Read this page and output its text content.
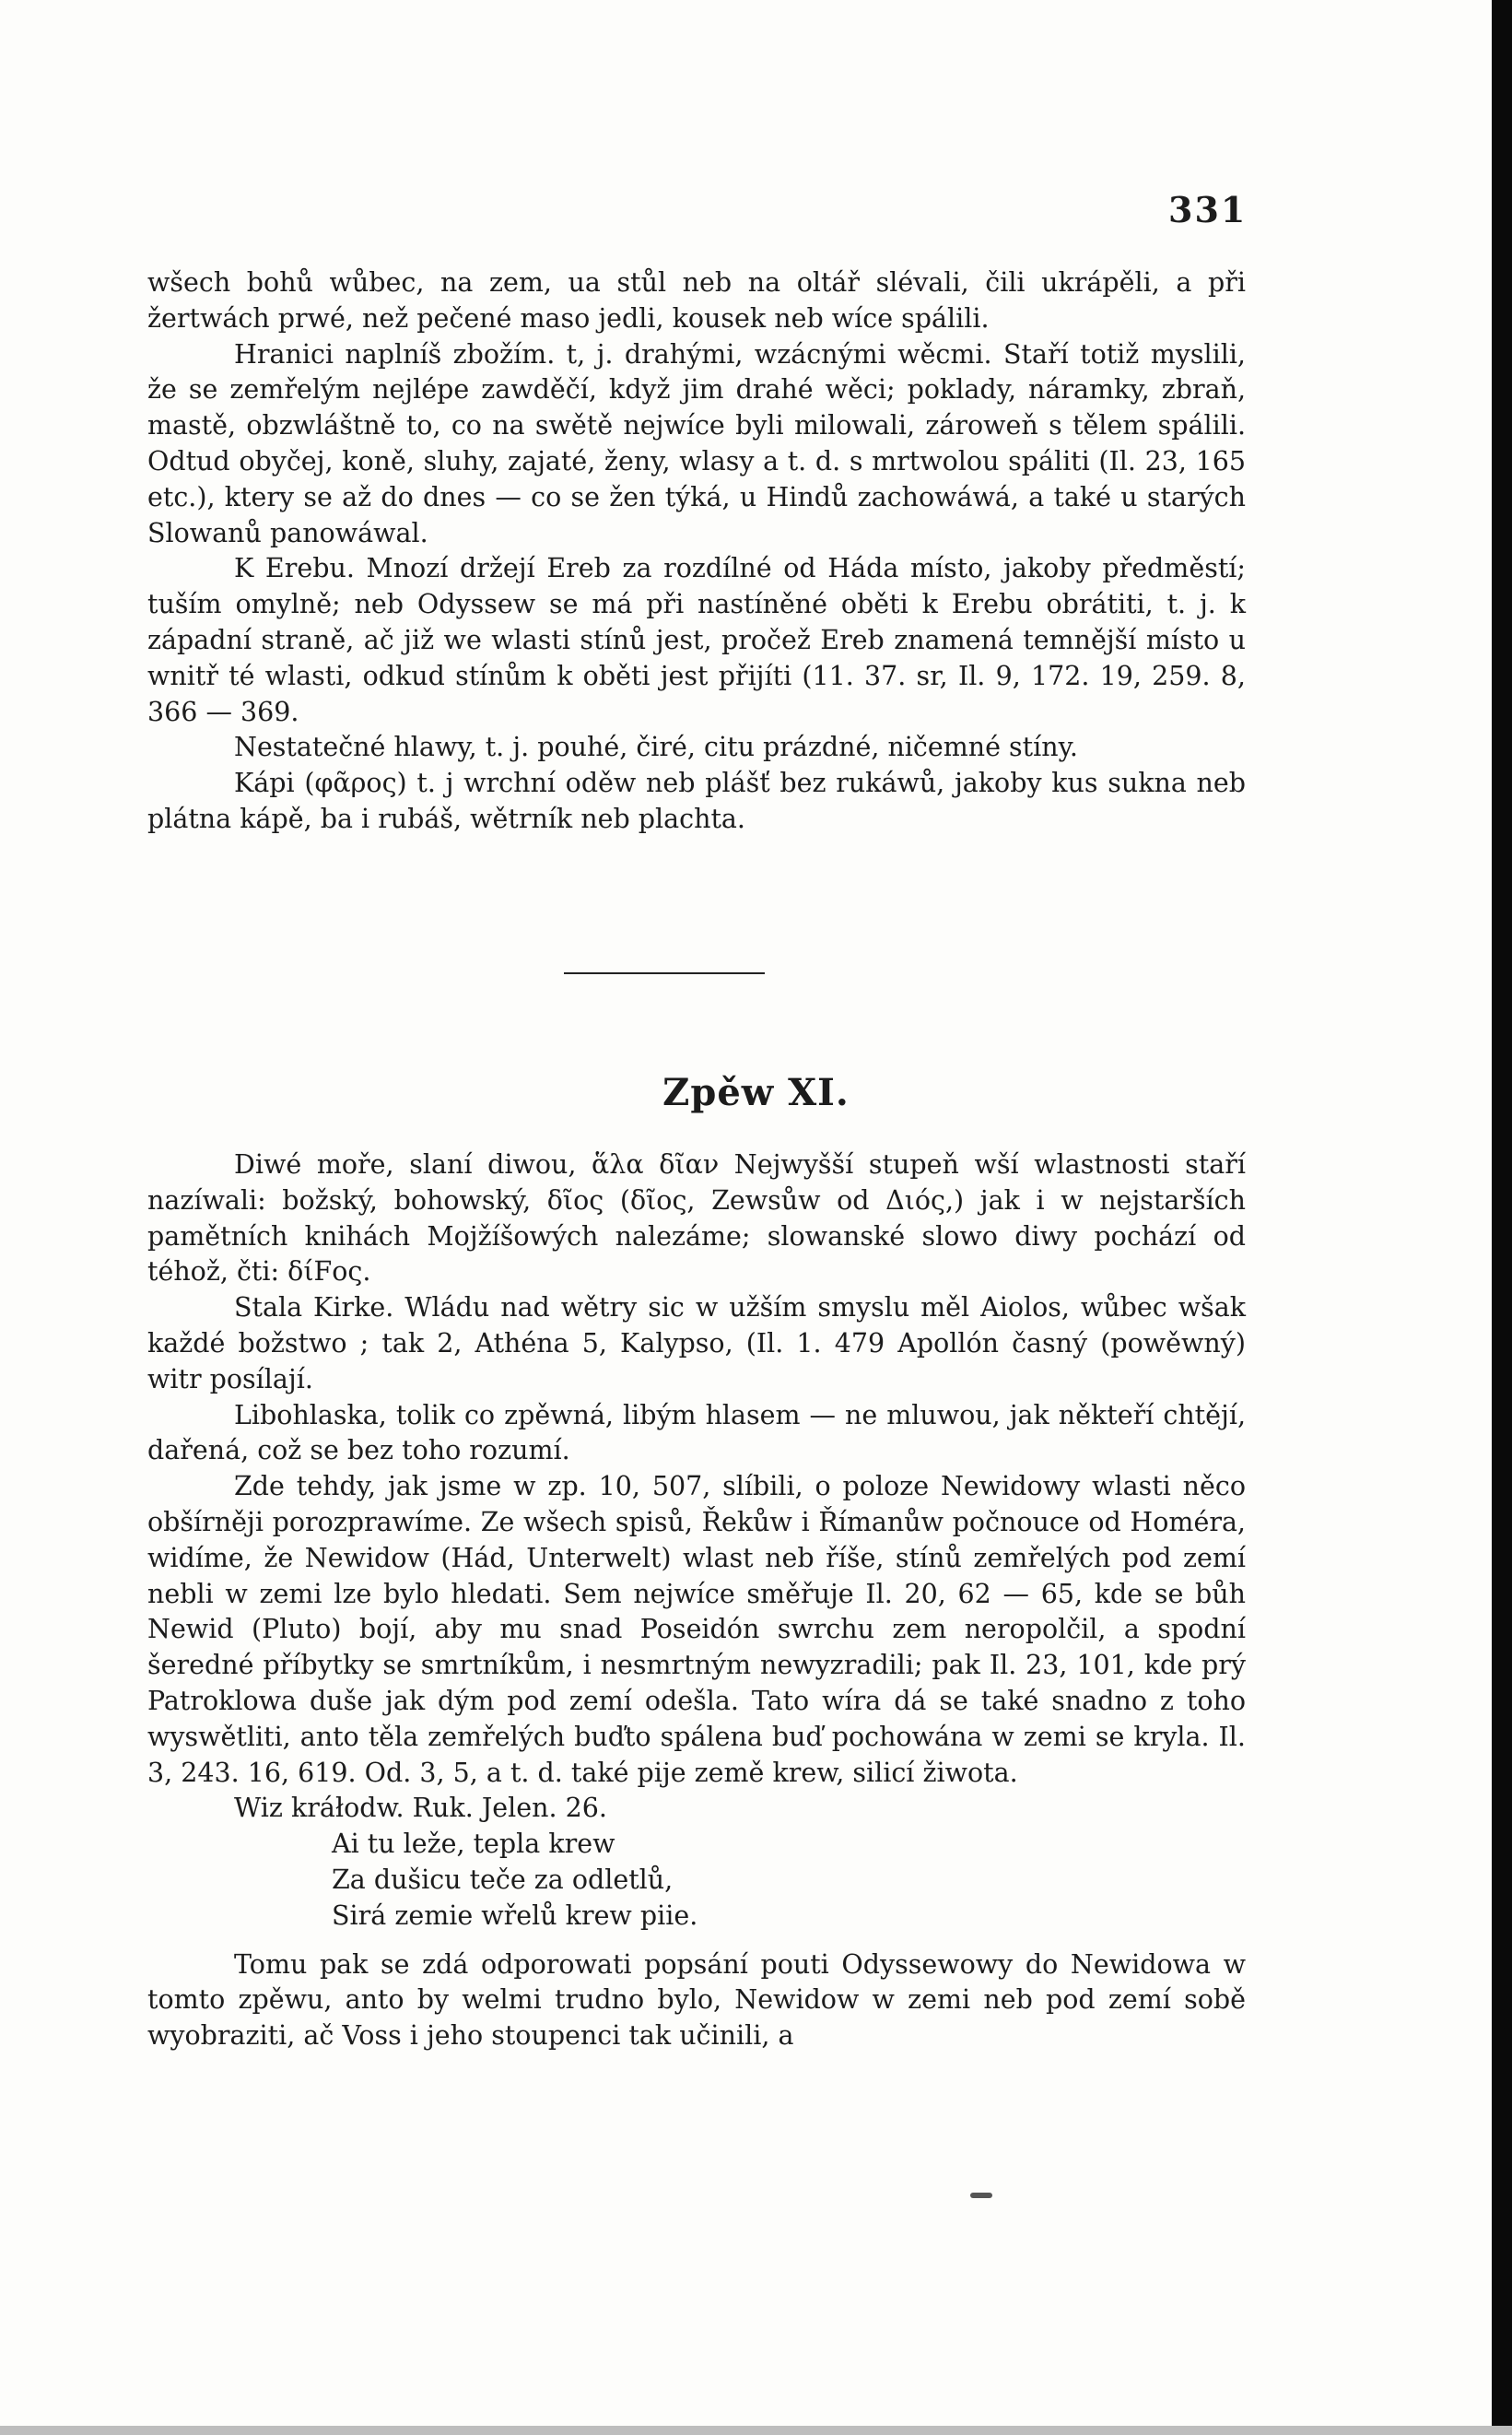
331

wšech bohů wůbec, na zem, ua stůl neb na oltář slévali, čili ukrápěli, a při žertwách prwé, než pečené maso jedli, kousek neb wíce spálili.

Hranici naplníš zbožím. t, j. drahými, wzácnými wěcmi. Staří totiž myslili, že se zemřelým nejlépe zawděčí, když jim drahé wěci; poklady, náramky, zbraň, mastě, obzwláštně to, co na swětě nejwíce byli milowali, zároweň s tělem spálili. Odtud obyčej, koně, sluhy, zajaté, ženy, wlasy a t. d. s mrtwolou spáliti (Il. 23, 165 etc.), ktery se až do dnes — co se žen týká, u Hindů zachowáwá, a také u starých Slowanů panowáwal.

K Erebu. Mnozí držejí Ereb za rozdílné od Háda místo, jakoby předměstí; tuším omylně; neb Odyssew se má při nastíněné oběti k Erebu obrátiti, t. j. k západní straně, ač již we wlasti stínů jest, pročež Ereb znamená temnější místo u wnitř té wlasti, odkud stínům k oběti jest přijíti (11. 37. sr, Il. 9, 172. 19, 259. 8, 366 — 369.

Nestatečné hlawy, t. j. pouhé, čiré, citu prázdné, ničemné stíny.

Kápi (φᾶρος) t. j wrchní oděw neb plášť bez rukáwů, jakoby kus sukna neb plátna kápě, ba i rubáš, wětrník neb plachta.

Zpěw XI.

Diwé moře, slaní diwou, ἅλα δῖαν Nejwyšší stupeň wší wlastnosti staří nazíwali: božský, bohowský, δῖος (δῖος, Zewsůw od Διός,) jak i w nejstarších pamětních knihách Mojžíšowých nalezáme; slowanské slowo diwy pochází od téhož, čti: δίFος.

Stala Kirke. Wládu nad wětry sic w užším smyslu měl Aiolos, wůbec wšak každé božstwo ; tak 2, Athéna 5, Kalypso, (Il. 1. 479 Apollón časný (powěwný) witr posílají.

Libohlaska, tolik co zpěwná, libým hlasem — ne mluwou, jak někteří chtějí, dařená, což se bez toho rozumí.

Zde tehdy, jak jsme w zp. 10, 507, slíbili, o poloze Newidowy wlasti něco obšírněji porozprawíme. Ze wšech spisů, Řekůw i Římanůw počnouce od Homéra, widíme, že Newidow (Hád, Unterwelt) wlast neb říše, stínů zemřelých pod zemí nebli w zemi lze bylo hledati. Sem nejwíce směřuje Il. 20, 62 — 65, kde se bůh Newid (Pluto) bojí, aby mu snad Poseidón swrchu zem neropolčil, a spodní šeredné příbytky se smrtníkům, i nesmrtným newyzradili; pak Il. 23, 101, kde prý Patroklowa duše jak dým pod zemí odešla. Tato wíra dá se také snadno z toho wyswětliti, anto těla zemřelých buďto spálena buď pochowána w zemi se kryla. Il. 3, 243. 16, 619. Od. 3, 5, a t. d. také pije země krew, silicí žiwota.

Wiz kráłodw. Ruk. Jelen. 26.

Ai tu leže, tepla krew

Za dušicu teče za odletlů,

Sirá zemie wřelů krew piie.

Tomu pak se zdá odporowati popsání pouti Odyssewowy do Newidowa w tomto zpěwu, anto by welmi trudno bylo, Newidow w zemi neb pod zemí sobě wyobraziti, ač Voss i jeho stoupenci tak učinili, a
